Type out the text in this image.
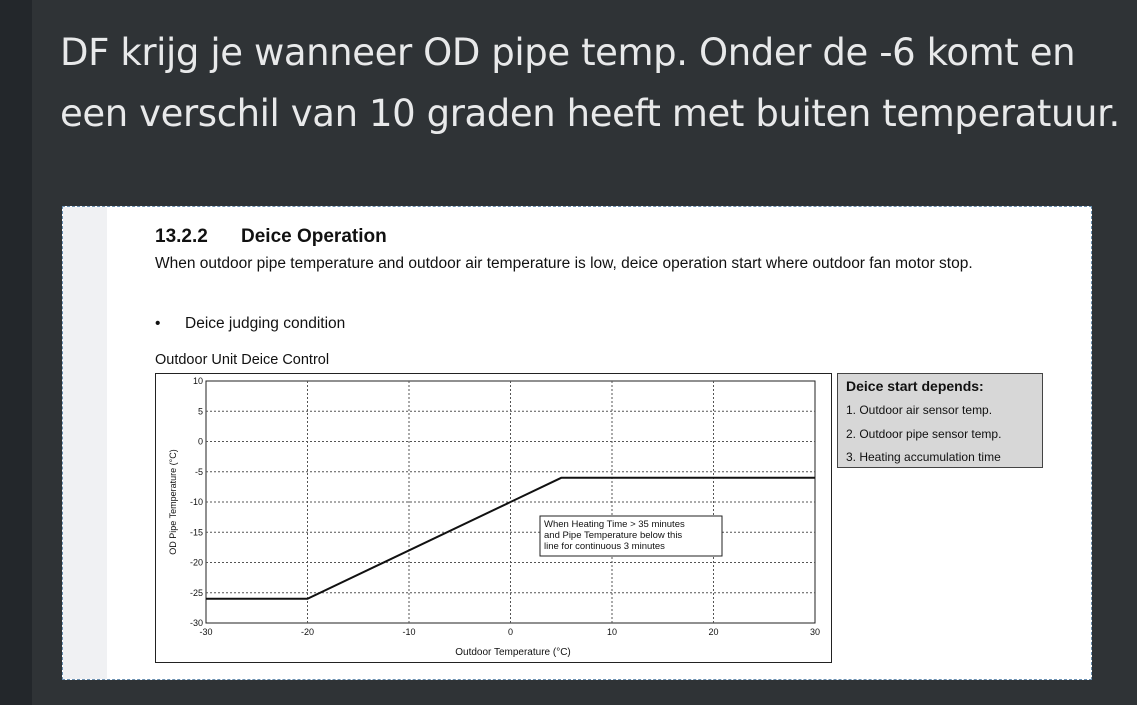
DF krijg je wanneer OD pipe temp. Onder de -6 komt en een verschil van 10 graden heeft met buiten temperatuur.
13.2.2 Deice Operation
When outdoor pipe temperature and outdoor air temperature is low, deice operation start where outdoor fan motor stop.
• Deice judging condition
Outdoor Unit Deice Control
-30	-20	-10	0	10	20	30
10
5
0
-5
-10
-15
-20
-25
-30
When Heating Time > 35 minutes
and Pipe Temperature below this
line for continuous 3 minutes
Outdoor Temperature (°C)
OD Pipe Temperature (°C)
Deice start depends:
1. Outdoor air sensor temp.
2. Outdoor pipe sensor temp.
3. Heating accumulation time
